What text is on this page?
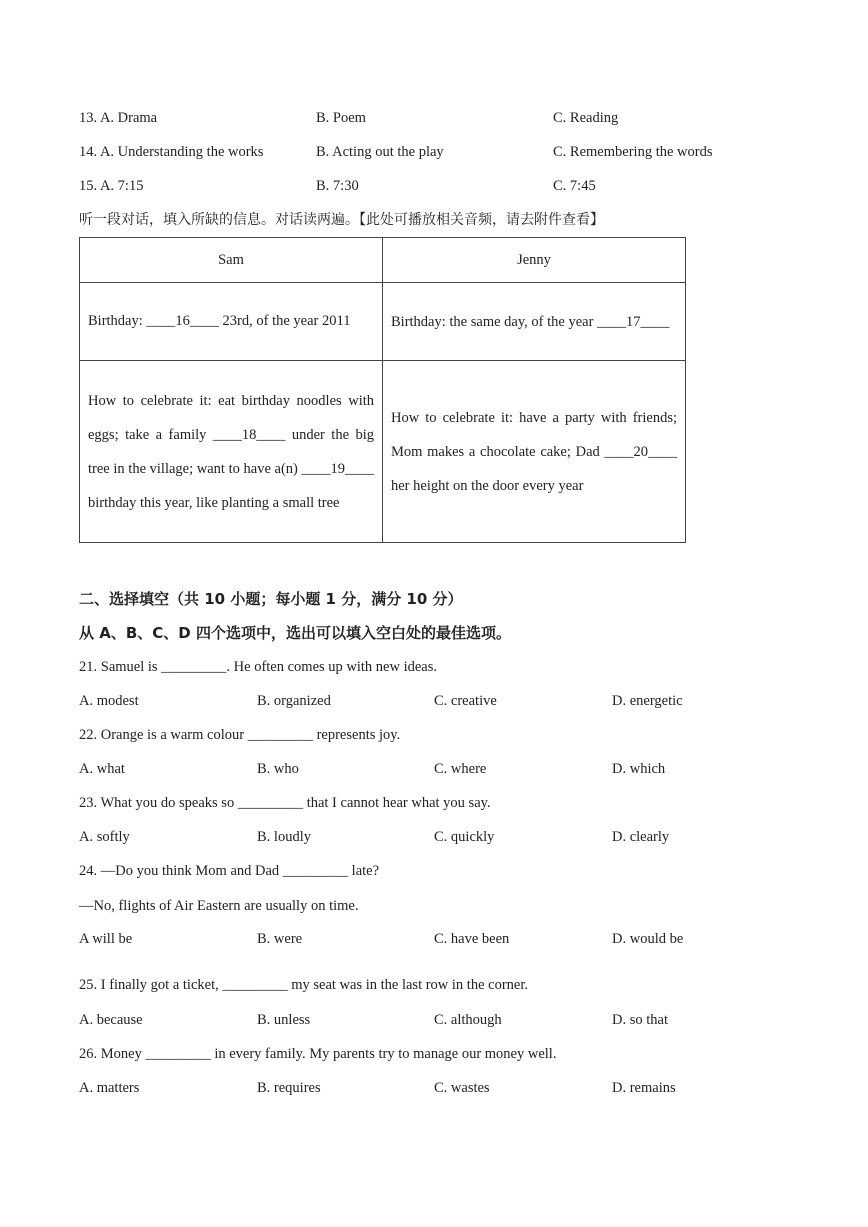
13. A. Drama	B. Poem	C. Reading
14. A. Understanding the works	B. Acting out the play	C. Remembering the words
15. A. 7:15	B. 7:30	C. 7:45
听一段对话，填入所缺的信息。对话读两遍。【此处可播放相关音频，请去附件查看】
Sam	Jenny
Birthday: ____16____ 23rd, of the year 2011	Birthday: the same day, of the year ____17____
How to celebrate it: eat birthday noodles with eggs; take a family ____18____ under the big tree in the village; want to have a(n) ____19____ birthday this year, like planting a small tree	How to celebrate it: have a party with friends; Mom makes a chocolate cake; Dad ____20____ her height on the door every year
二、选择填空（共 10 小题；每小题 1 分，满分 10 分）
从 A、B、C、D 四个选项中，选出可以填入空白处的最佳选项。
21. Samuel is _________. He often comes up with new ideas.
A. modest	B. organized	C. creative	D. energetic
22. Orange is a warm colour _________ represents joy.
A. what	B. who	C. where	D. which
23. What you do speaks so _________ that I cannot hear what you say.
A. softly	B. loudly	C. quickly	D. clearly
24. —Do you think Mom and Dad _________ late?
—No, flights of Air Eastern are usually on time.
A will be	B. were	C. have been	D. would be
25. I finally got a ticket, _________ my seat was in the last row in the corner.
A. because	B. unless	C. although	D. so that
26. Money _________ in every family. My parents try to manage our money well.
A. matters	B. requires	C. wastes	D. remains
